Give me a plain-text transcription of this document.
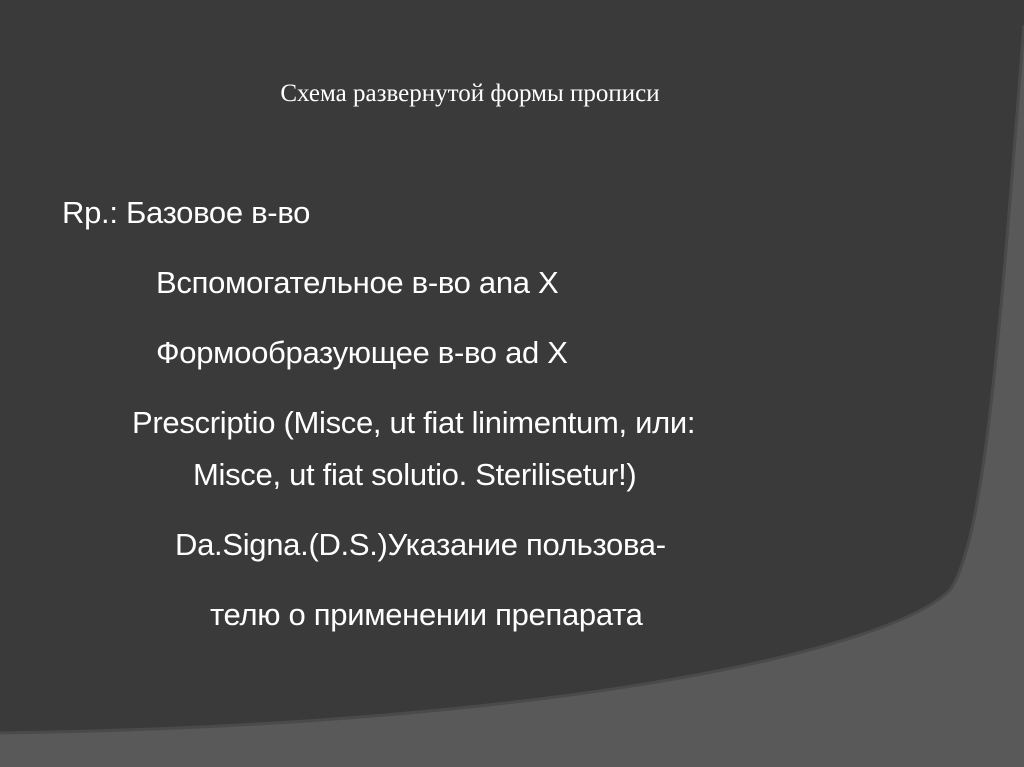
Схема развернутой формы прописи
Rp.: Базовое в-во
Вспомогательное в-во ana X
Формообразующее в-во ad X
Prescriptio (Misce, ut fiat linimentum, или:
Misce, ut fiat solutio. Sterilisetur!)
Da.Signa.(D.S.)Указание пользова-
телю о применении препарата
